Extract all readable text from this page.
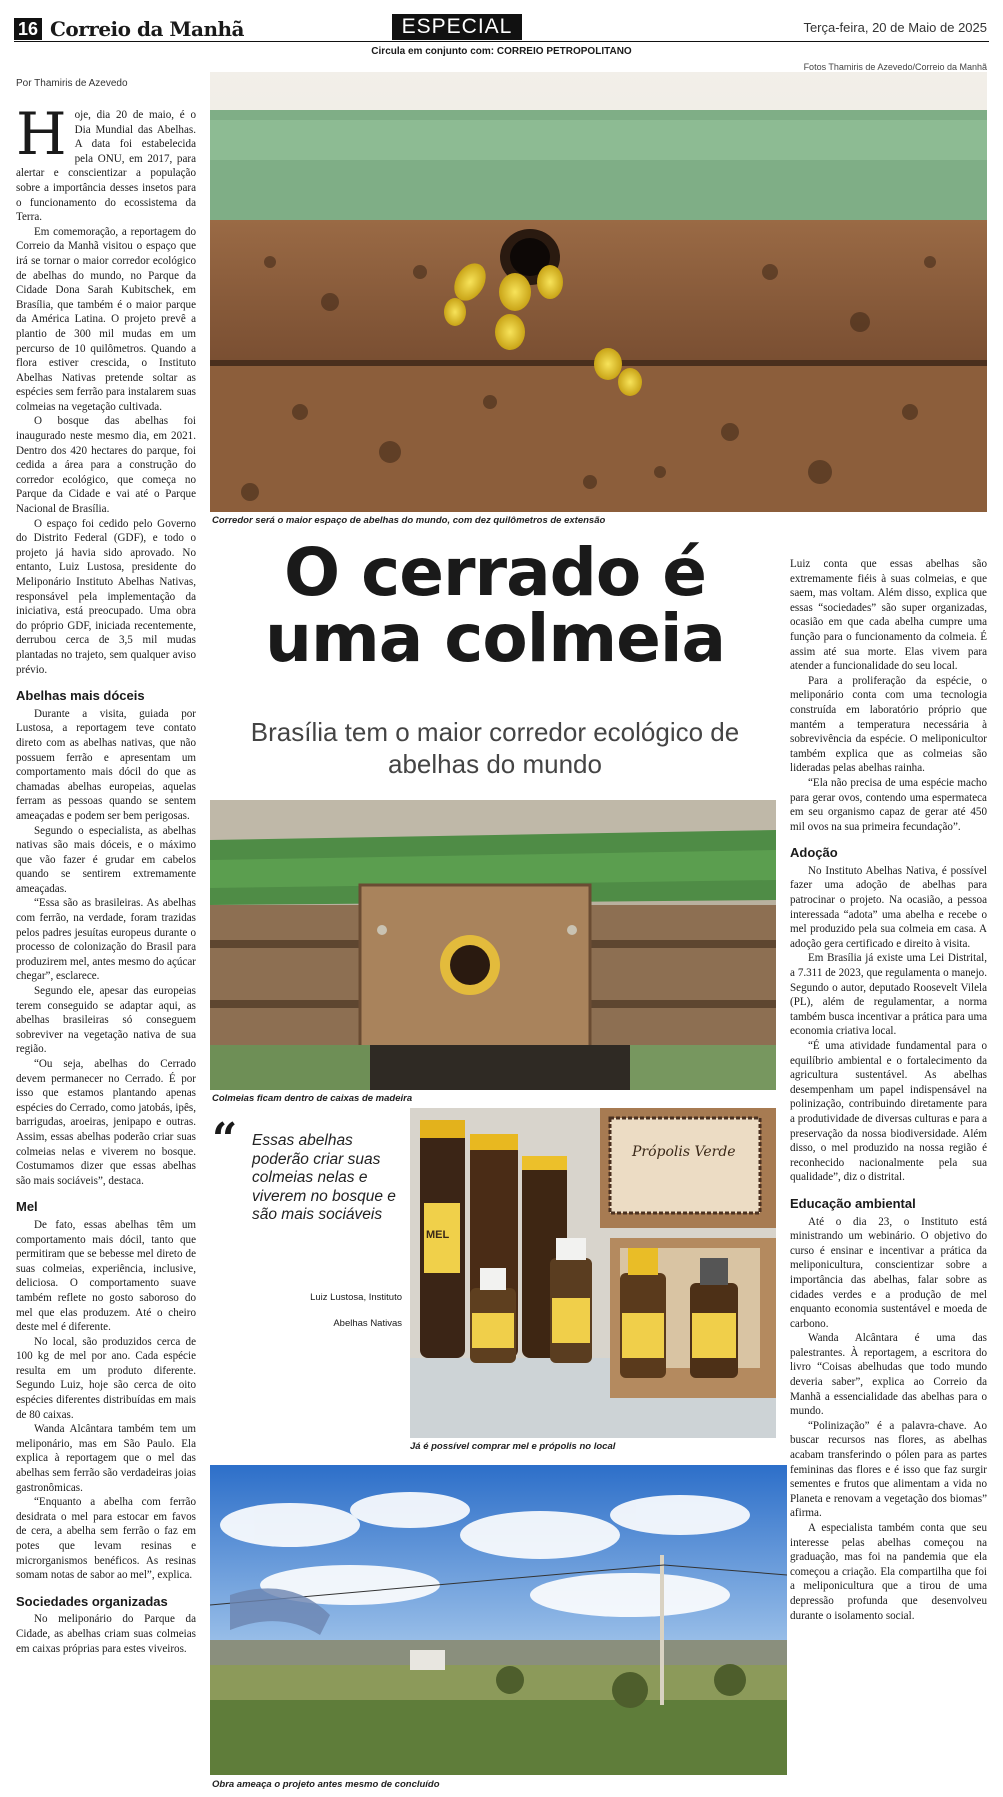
16 Correio da Manhã	ESPECIAL	Terça-feira, 20 de Maio de 2025
Circula em conjunto com: CORREIO PETROPOLITANO
Fotos Thamiris de Azevedo/Correio da Manhã
Por Thamiris de Azevedo
Corredor será o maior espaço de abelhas do mundo, com dez quilômetros de extensão
O cerrado é uma colmeia
Brasília tem o maior corredor ecológico de abelhas do mundo
Colmeias ficam dentro de caixas de madeira
“ Essas abelhas poderão criar suas colmeias nelas e viverem no bosque e são mais sociáveis
Luiz Lustosa, Instituto
Abelhas Nativas
Própolis Verde
MEL
Já é possível comprar mel e própolis no local
Obra ameaça o projeto antes mesmo de concluído
H oje, dia 20 de maio, é o Dia Mundial das Abelhas. A data foi estabelecida pela ONU, em 2017, para alertar e conscientizar a população sobre a importância desses insetos para o funcionamento do ecossistema da Terra.

Em comemoração, a reportagem do Correio da Manhã visitou o espaço que irá se tornar o maior corredor ecológico de abelhas do mundo, no Parque da Cidade Dona Sarah Kubitschek, em Brasília, que também é o maior parque da América Latina. O projeto prevê a plantio de 300 mil mudas em um percurso de 10 quilômetros. Quando a flora estiver crescida, o Instituto Abelhas Nativas pretende soltar as espécies sem ferrão para instalarem suas colmeias na vegetação cultivada.

O bosque das abelhas foi inaugurado neste mesmo dia, em 2021. Dentro dos 420 hectares do parque, foi cedida a área para a construção do corredor ecológico, que começa no Parque da Cidade e vai até o Parque Nacional de Brasília.

O espaço foi cedido pelo Governo do Distrito Federal (GDF), e todo o projeto já havia sido aprovado. No entanto, Luiz Lustosa, presidente do Meliponário Instituto Abelhas Nativas, responsável pela implementação da iniciativa, está preocupado. Uma obra do próprio GDF, iniciada recentemente, derrubou cerca de 3,5 mil mudas plantadas no trajeto, sem qualquer aviso prévio.

Abelhas mais dóceis

Durante a visita, guiada por Lustosa, a reportagem teve contato direto com as abelhas nativas, que não possuem ferrão e apresentam um comportamento mais dócil do que as chamadas abelhas europeias, aquelas ferram as pessoas quando se sentem ameaçadas e podem ser bem perigosas.

Segundo o especialista, as abelhas nativas são mais dóceis, e o máximo que vão fazer é grudar em cabelos quando se sentirem extremamente ameaçadas.

“Essa são as brasileiras. As abelhas com ferrão, na verdade, foram trazidas pelos padres jesuítas europeus durante o processo de colonização do Brasil para produzirem mel, antes mesmo do açúcar chegar”, esclarece.

Segundo ele, apesar das europeias terem conseguido se adaptar aqui, as abelhas brasileiras só conseguem sobreviver na vegetação nativa de sua região.

“Ou seja, abelhas do Cerrado devem permanecer no Cerrado. É por isso que estamos plantando apenas espécies do Cerrado, como jatobás, ipês, barrigudas, aroeiras, jenipapo e outras. Assim, essas abelhas poderão criar suas colmeias nelas e viverem no bosque. Costumamos dizer que essas abelhas são mais sociáveis”, destaca.

Mel

De fato, essas abelhas têm um comportamento mais dócil, tanto que permitiram que se bebesse mel direto de suas colmeias, experiência, inclusive, deliciosa. O comportamento suave também reflete no gosto saboroso do mel que elas produzem. Até o cheiro deste mel é diferente.

No local, são produzidos cerca de 100 kg de mel por ano. Cada espécie resulta em um produto diferente. Segundo Luiz, hoje são cerca de oito espécies diferentes distribuídas em mais de 80 caixas.

Wanda Alcântara também tem um meliponário, mas em São Paulo. Ela explica à reportagem que o mel das abelhas sem ferrão são verdadeiras joias gastronômicas.

“Enquanto a abelha com ferrão desidrata o mel para estocar em favos de cera, a abelha sem ferrão o faz em potes que levam resinas e microrganismos benéficos. As resinas somam notas de sabor ao mel”, explica.

Sociedades organizadas

No meliponário do Parque da Cidade, as abelhas criam suas colmeias em caixas próprias para estes viveiros.

Luiz conta que essas abelhas são extremamente fiéis à suas colmeias, e que saem, mas voltam. Além disso, explica que essas “sociedades” são super organizadas, ocasião em que cada abelha cumpre uma função para o funcionamento da colmeia. É assim até sua morte. Elas vivem para atender a funcionalidade do seu local.

Para a proliferação da espécie, o meliponário conta com uma tecnologia construída em laboratório próprio que mantém a temperatura necessária à sobrevivência da espécie. O meliponicultor também explica que as colmeias são lideradas pelas abelhas rainha.

“Ela não precisa de uma espécie macho para gerar ovos, contendo uma espermateca em seu organismo capaz de gerar até 450 mil ovos na sua primeira fecundação”.

Adoção

No Instituto Abelhas Nativa, é possível fazer uma adoção de abelhas para patrocinar o projeto. Na ocasião, a pessoa interessada “adota” uma abelha e recebe o mel produzido pela sua colmeia em casa. A adoção gera certificado e direito à visita.

Em Brasília já existe uma Lei Distrital, a 7.311 de 2023, que regulamenta o manejo. Segundo o autor, deputado Roosevelt Vilela (PL), além de regulamentar, a norma também busca incentivar a prática para uma economia criativa local.

“É uma atividade fundamental para o equilíbrio ambiental e o fortalecimento da agricultura sustentável. As abelhas desempenham um papel indispensável na polinização, contribuindo diretamente para a produtividade de diversas culturas e para a preservação da nossa biodiversidade. Além disso, o mel produzido na nossa região é reconhecido nacionalmente pela sua qualidade”, diz o distrital.

Educação ambiental

Até o dia 23, o Instituto está ministrando um webinário. O objetivo do curso é ensinar e incentivar a prática da meliponicultura, conscientizar sobre a importância das abelhas, falar sobre as cidades verdes e a produção de mel enquanto economia sustentável e moeda de carbono.

Wanda Alcântara é uma das palestrantes. À reportagem, a escritora do livro “Coisas abelhudas que todo mundo deveria saber”, explica ao Correio da Manhã a essencialidade das abelhas para o mundo.

“Polinização” é a palavra-chave. Ao buscar recursos nas flores, as abelhas acabam transferindo o pólen para as partes femininas das flores e é isso que faz surgir sementes e frutos que alimentam a vida no Planeta e renovam a vegetação dos biomas” afirma.

A especialista também conta que seu interesse pelas abelhas começou na graduação, mas foi na pandemia que ela começou a criação. Ela compartilha que foi a meliponicultura que a tirou de uma depressão profunda que desenvolveu durante o isolamento social.
